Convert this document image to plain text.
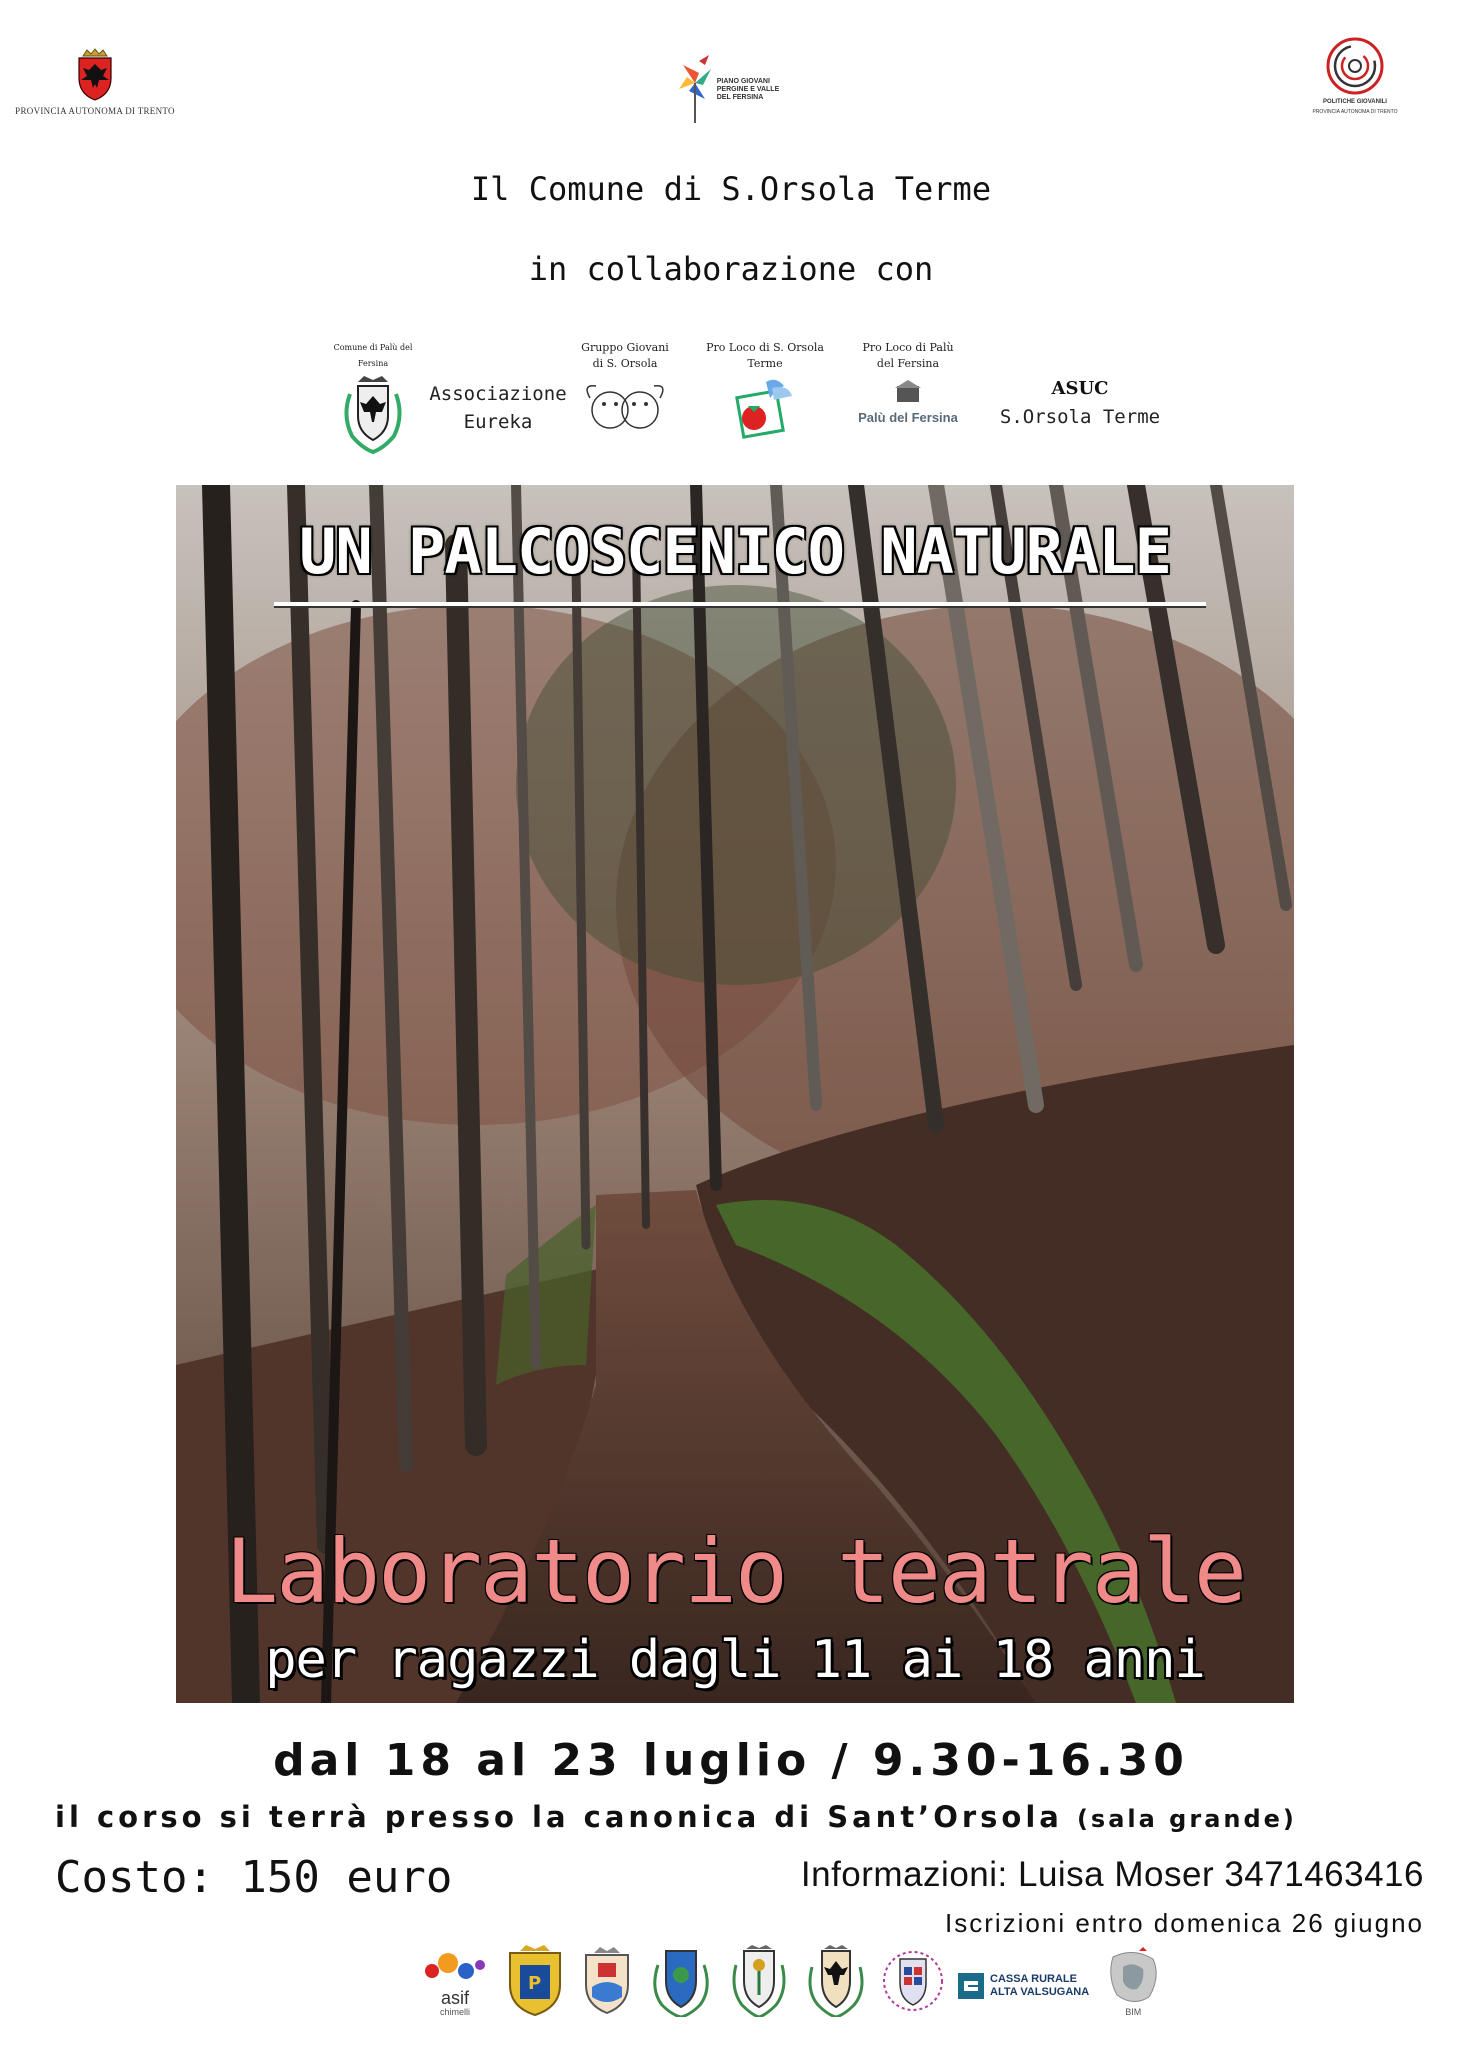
PROVINCIA AUTONOMA DI TRENTO
PIANO GIOVANI
PERGINE E VALLE
DEL FERSINA
POLITICHE GIOVANILI
PROVINCIA AUTONOMA DI TRENTO
Il Comune di S.Orsola Terme
in collaborazione con
Comune di Palù del Fersina
Associazione
Eureka
Gruppo Giovani
di S. Orsola
Pro Loco di S. Orsola
Terme
Pro Loco di Palù
del Fersina
Palù del Fersina
ASUC
S.Orsola Terme
UN PALCOSCENICO NATURALE
Laboratorio teatrale
per ragazzi dagli 11 ai 18 anni
dal 18 al 23 luglio / 9.30-16.30
il corso si terrà presso la canonica di Sant’Orsola (sala grande)
Costo: 150 euro	Informazioni: Luisa Moser 3471463416
Iscrizioni entro domenica 26 giugno
asif
chimelli
P	CASSA RURALE
ALTA VALSUGANA
BIM
